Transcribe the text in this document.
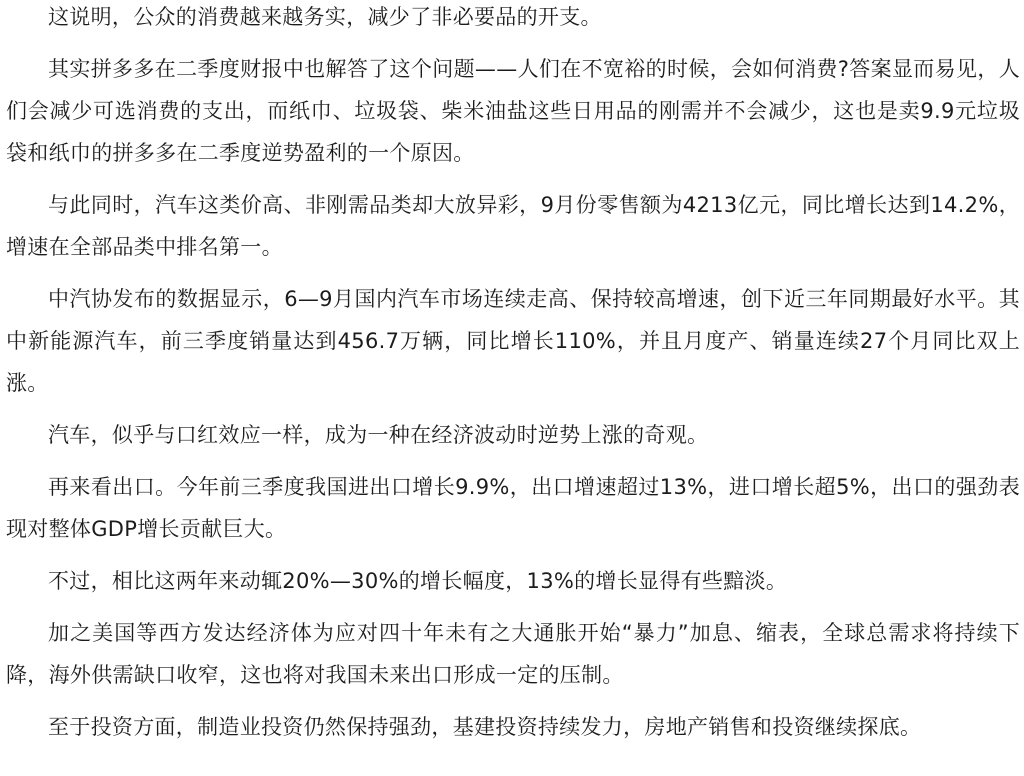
这说明，公众的消费越来越务实，减少了非必要品的开支。

其实拼多多在二季度财报中也解答了这个问题——人们在不宽裕的时候，会如何消费?答案显而易见，人们会减少可选消费的支出，而纸巾、垃圾袋、柴米油盐这些日用品的刚需并不会减少，这也是卖9.9元垃圾袋和纸巾的拼多多在二季度逆势盈利的一个原因。

与此同时，汽车这类价高、非刚需品类却大放异彩，9月份零售额为4213亿元，同比增长达到14.2%，增速在全部品类中排名第一。

中汽协发布的数据显示，6—9月国内汽车市场连续走高、保持较高增速，创下近三年同期最好水平。其中新能源汽车，前三季度销量达到456.7万辆，同比增长110%，并且月度产、销量连续27个月同比双上涨。

汽车，似乎与口红效应一样，成为一种在经济波动时逆势上涨的奇观。

再来看出口。今年前三季度我国进出口增长9.9%，出口增速超过13%，进口增长超5%，出口的强劲表现对整体GDP增长贡献巨大。

不过，相比这两年来动辄20%—30%的增长幅度，13%的增长显得有些黯淡。

加之美国等西方发达经济体为应对四十年未有之大通胀开始“暴力”加息、缩表，全球总需求将持续下降，海外供需缺口收窄，这也将对我国未来出口形成一定的压制。

至于投资方面，制造业投资仍然保持强劲，基建投资持续发力，房地产销售和投资继续探底。
